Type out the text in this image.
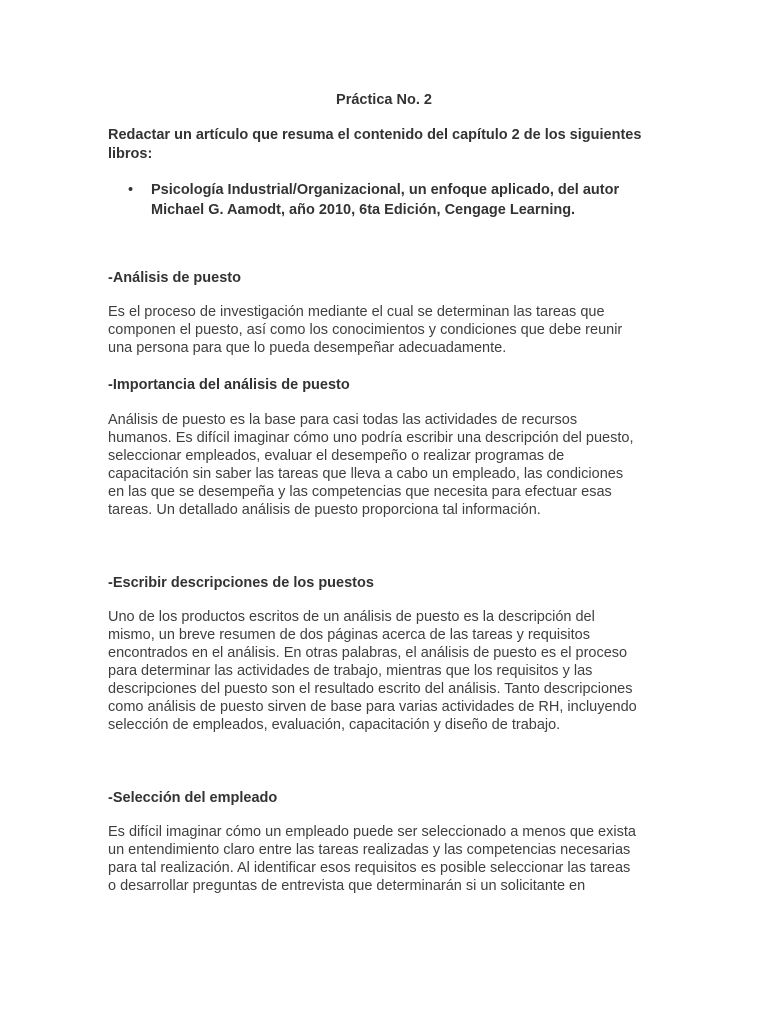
Práctica No. 2
Redactar un artículo que resuma el contenido del capítulo 2 de los siguientes libros:
• Psicología Industrial/Organizacional, un enfoque aplicado, del autor
Michael G. Aamodt, año 2010, 6ta Edición, Cengage Learning.

-Análisis de puesto

Es el proceso de investigación mediante el cual se determinan las tareas que
componen el puesto, así como los conocimientos y condiciones que debe reunir
una persona para que lo pueda desempeñar adecuadamente.

-Importancia del análisis de puesto

Análisis de puesto es la base para casi todas las actividades de recursos
humanos. Es difícil imaginar cómo uno podría escribir una descripción del puesto,
seleccionar empleados, evaluar el desempeño o realizar programas de
capacitación sin saber las tareas que lleva a cabo un empleado, las condiciones
en las que se desempeña y las competencias que necesita para efectuar esas
tareas. Un detallado análisis de puesto proporciona tal información.

-Escribir descripciones de los puestos

Uno de los productos escritos de un análisis de puesto es la descripción del
mismo, un breve resumen de dos páginas acerca de las tareas y requisitos
encontrados en el análisis. En otras palabras, el análisis de puesto es el proceso
para determinar las actividades de trabajo, mientras que los requisitos y las
descripciones del puesto son el resultado escrito del análisis. Tanto descripciones
como análisis de puesto sirven de base para varias actividades de RH, incluyendo
selección de empleados, evaluación, capacitación y diseño de trabajo.

-Selección del empleado

Es difícil imaginar cómo un empleado puede ser seleccionado a menos que exista
un entendimiento claro entre las tareas realizadas y las competencias necesarias
para tal realización. Al identificar esos requisitos es posible seleccionar las tareas
o desarrollar preguntas de entrevista que determinarán si un solicitante en
